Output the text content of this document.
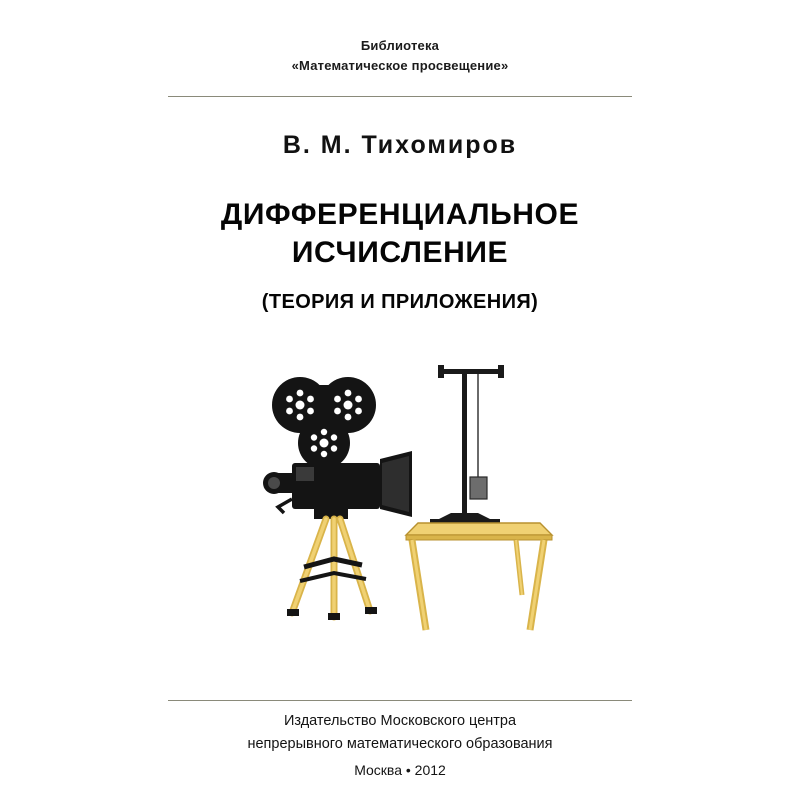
Библиотека
«Математическое просвещение»
В. М. Тихомиров
ДИФФЕРЕНЦИАЛЬНОЕ
ИСЧИСЛЕНИЕ
(ТЕОРИЯ И ПРИЛОЖЕНИЯ)
Издательство Московского центра
непрерывного математического образования
Москва • 2012
